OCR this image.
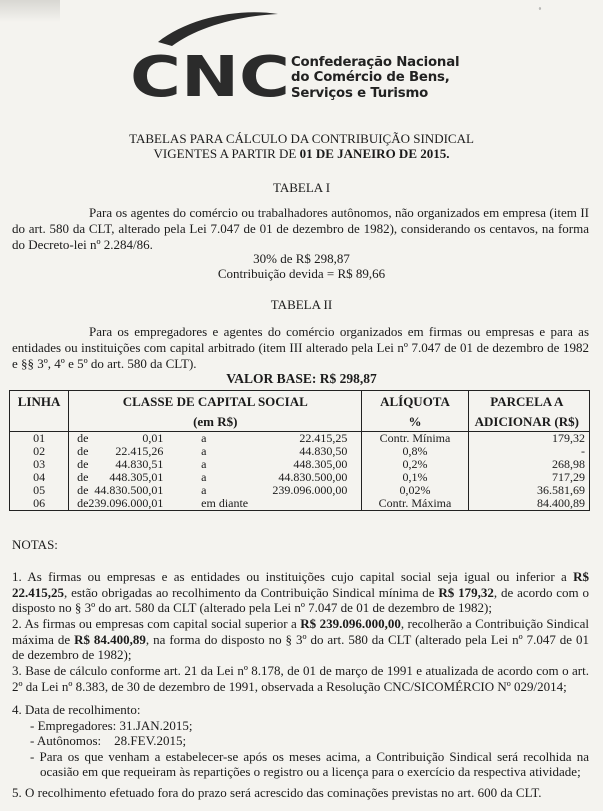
∘
CNC Confederação Nacional
do Comércio de Bens,
Serviços e Turismo
TABELAS PARA CÁLCULO DA CONTRIBUIÇÃO SINDICAL
VIGENTES A PARTIR DE 01 DE JANEIRO DE 2015.
TABELA I
Para os agentes do comércio ou trabalhadores autônomos, não organizados em empresa (item II do art. 580 da CLT, alterado pela Lei 7.047 de 01 de dezembro de 1982), considerando os centavos, na forma do Decreto-lei nº 2.284/86.
30% de R$ 298,87
Contribuição devida = R$ 89,66
TABELA II
Para os empregadores e agentes do comércio organizados em firmas ou empresas e para as entidades ou instituições com capital arbitrado (item III alterado pela Lei nº 7.047 de 01 de dezembro de 1982 e §§ 3º, 4º e 5º do art. 580 da CLT).
VALOR BASE: R$ 298,87
LINHA	CLASSE DE CAPITAL SOCIAL	ALÍQUOTA	PARCELA A
	(em R$)	%	ADICIONAR (R$)
01	de 0,01 a 22.415,25	Contr. Mínima	179,32
02	de 22.415,26 a 44.830,50	0,8%	-
03	de 44.830,51 a 448.305,00	0,2%	268,98
04	de 448.305,01 a 44.830.500,00	0,1%	717,29
05	de 44.830.500,01 a 239.096.000,00	0,02%	36.581,69
06	de 239.096.000,01 em diante	Contr. Máxima	84.400,89
NOTAS:
1. As firmas ou empresas e as entidades ou instituições cujo capital social seja igual ou inferior a R$ 22.415,25, estão obrigadas ao recolhimento da Contribuição Sindical mínima de R$ 179,32, de acordo com o disposto no § 3º do art. 580 da CLT (alterado pela Lei nº 7.047 de 01 de dezembro de 1982);
2. As firmas ou empresas com capital social superior a R$ 239.096.000,00, recolherão a Contribuição Sindical máxima de R$ 84.400,89, na forma do disposto no § 3º do art. 580 da CLT (alterado pela Lei nº 7.047 de 01 de dezembro de 1982);
3. Base de cálculo conforme art. 21 da Lei nº 8.178, de 01 de março de 1991 e atualizada de acordo com o art. 2º da Lei nº 8.383, de 30 de dezembro de 1991, observada a Resolução CNC/SICOMÉRCIO Nº 029/2014;
4. Data de recolhimento:
- Empregadores: 31.JAN.2015;
- Autônomos:    28.FEV.2015;
- Para os que venham a estabelecer-se após os meses acima, a Contribuição Sindical será recolhida na ocasião em que requeiram às repartições o registro ou a licença para o exercício da respectiva atividade;
5. O recolhimento efetuado fora do prazo será acrescido das cominações previstas no art. 600 da CLT.
